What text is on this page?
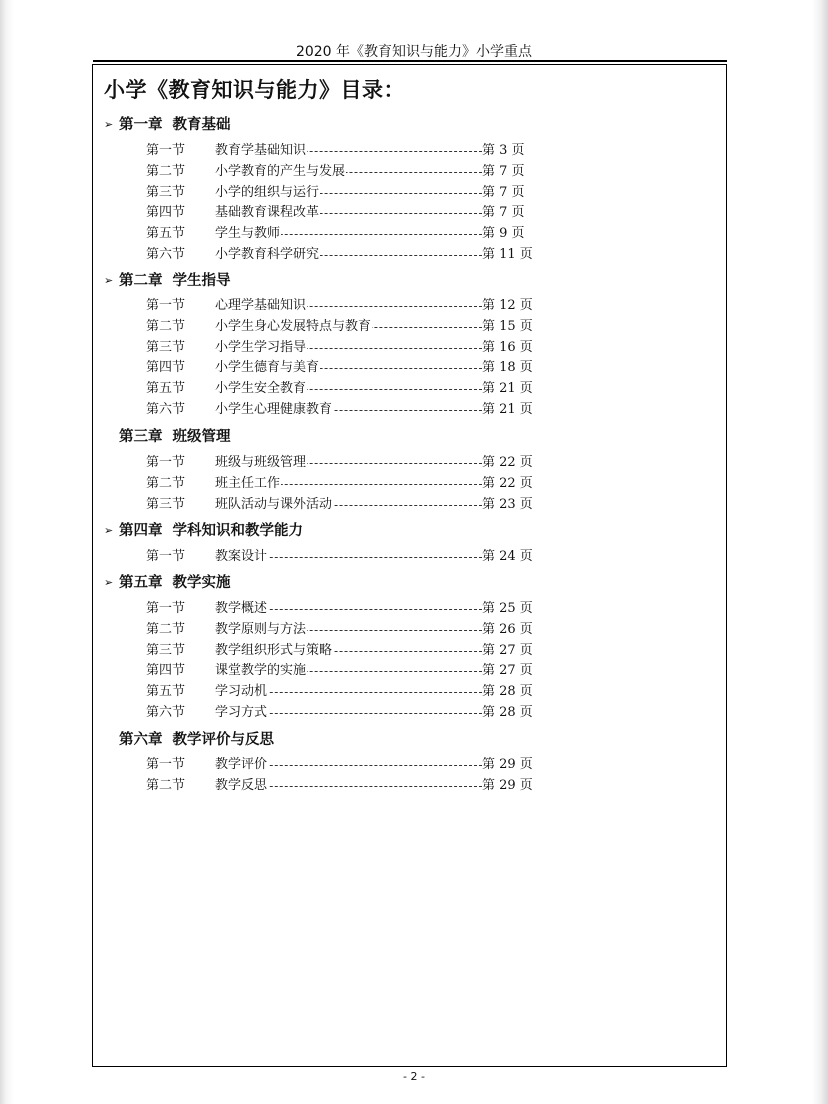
2020 年《教育知识与能力》小学重点
小学《教育知识与能力》目录：
➢ 第一章 教育基础
第一节 教育学基础知识	第 3 页
第二节 小学教育的产生与发展	第 7 页
第三节 小学的组织与运行	第 7 页
第四节 基础教育课程改革	第 7 页
第五节 学生与教师	第 9 页
第六节 小学教育科学研究	第 11 页
➢ 第二章 学生指导
第一节 心理学基础知识	第 12 页
第二节 小学生身心发展特点与教育	第 15 页
第三节 小学生学习指导	第 16 页
第四节 小学生德育与美育	第 18 页
第五节 小学生安全教育	第 21 页
第六节 小学生心理健康教育	第 21 页
第三章 班级管理
第一节 班级与班级管理	第 22 页
第二节 班主任工作	第 22 页
第三节 班队活动与课外活动	第 23 页
➢ 第四章 学科知识和教学能力
第一节 教案设计	第 24 页
➢ 第五章 教学实施
第一节 教学概述	第 25 页
第二节 教学原则与方法	第 26 页
第三节 教学组织形式与策略	第 27 页
第四节 课堂教学的实施	第 27 页
第五节 学习动机	第 28 页
第六节 学习方式	第 28 页
第六章 教学评价与反思
第一节 教学评价	第 29 页
第二节 教学反思	第 29 页
- 2 -
